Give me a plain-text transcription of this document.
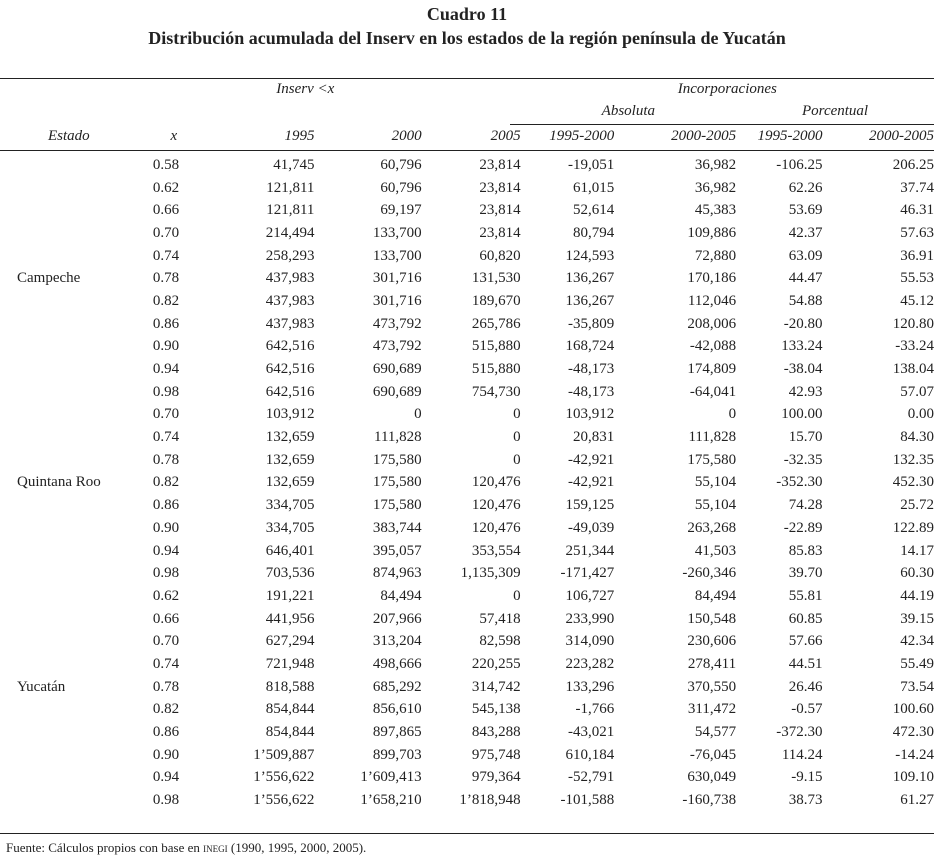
Cuadro 11
Distribución acumulada del Inserv en los estados de la región península de Yucatán
	Inserv <x				Incorporaciones			
					Absoluta		Porcentual	
Estado	x	1995	2000	2005	1995-2000	2000-2005	1995-2000	2000-2005
	0.58	41,745	60,796	23,814	-19,051	36,982	-106.25	206.25
	0.62	121,811	60,796	23,814	61,015	36,982	62.26	37.74
	0.66	121,811	69,197	23,814	52,614	45,383	53.69	46.31
	0.70	214,494	133,700	23,814	80,794	109,886	42.37	57.63
	0.74	258,293	133,700	60,820	124,593	72,880	63.09	36.91
Campeche	0.78	437,983	301,716	131,530	136,267	170,186	44.47	55.53
	0.82	437,983	301,716	189,670	136,267	112,046	54.88	45.12
	0.86	437,983	473,792	265,786	-35,809	208,006	-20.80	120.80
	0.90	642,516	473,792	515,880	168,724	-42,088	133.24	-33.24
	0.94	642,516	690,689	515,880	-48,173	174,809	-38.04	138.04
	0.98	642,516	690,689	754,730	-48,173	-64,041	42.93	57.07
	0.70	103,912	0	0	103,912	0	100.00	0.00
	0.74	132,659	111,828	0	20,831	111,828	15.70	84.30
	0.78	132,659	175,580	0	-42,921	175,580	-32.35	132.35
Quintana Roo	0.82	132,659	175,580	120,476	-42,921	55,104	-352.30	452.30
	0.86	334,705	175,580	120,476	159,125	55,104	74.28	25.72
	0.90	334,705	383,744	120,476	-49,039	263,268	-22.89	122.89
	0.94	646,401	395,057	353,554	251,344	41,503	85.83	14.17
	0.98	703,536	874,963	1,135,309	-171,427	-260,346	39.70	60.30
	0.62	191,221	84,494	0	106,727	84,494	55.81	44.19
	0.66	441,956	207,966	57,418	233,990	150,548	60.85	39.15
	0.70	627,294	313,204	82,598	314,090	230,606	57.66	42.34
	0.74	721,948	498,666	220,255	223,282	278,411	44.51	55.49
Yucatán	0.78	818,588	685,292	314,742	133,296	370,550	26.46	73.54
	0.82	854,844	856,610	545,138	-1,766	311,472	-0.57	100.60
	0.86	854,844	897,865	843,288	-43,021	54,577	-372.30	472.30
	0.90	1’509,887	899,703	975,748	610,184	-76,045	114.24	-14.24
	0.94	1’556,622	1’609,413	979,364	-52,791	630,049	-9.15	109.10
	0.98	1’556,622	1’658,210	1’818,948	-101,588	-160,738	38.73	61.27
Fuente: Cálculos propios con base en inegi (1990, 1995, 2000, 2005).
